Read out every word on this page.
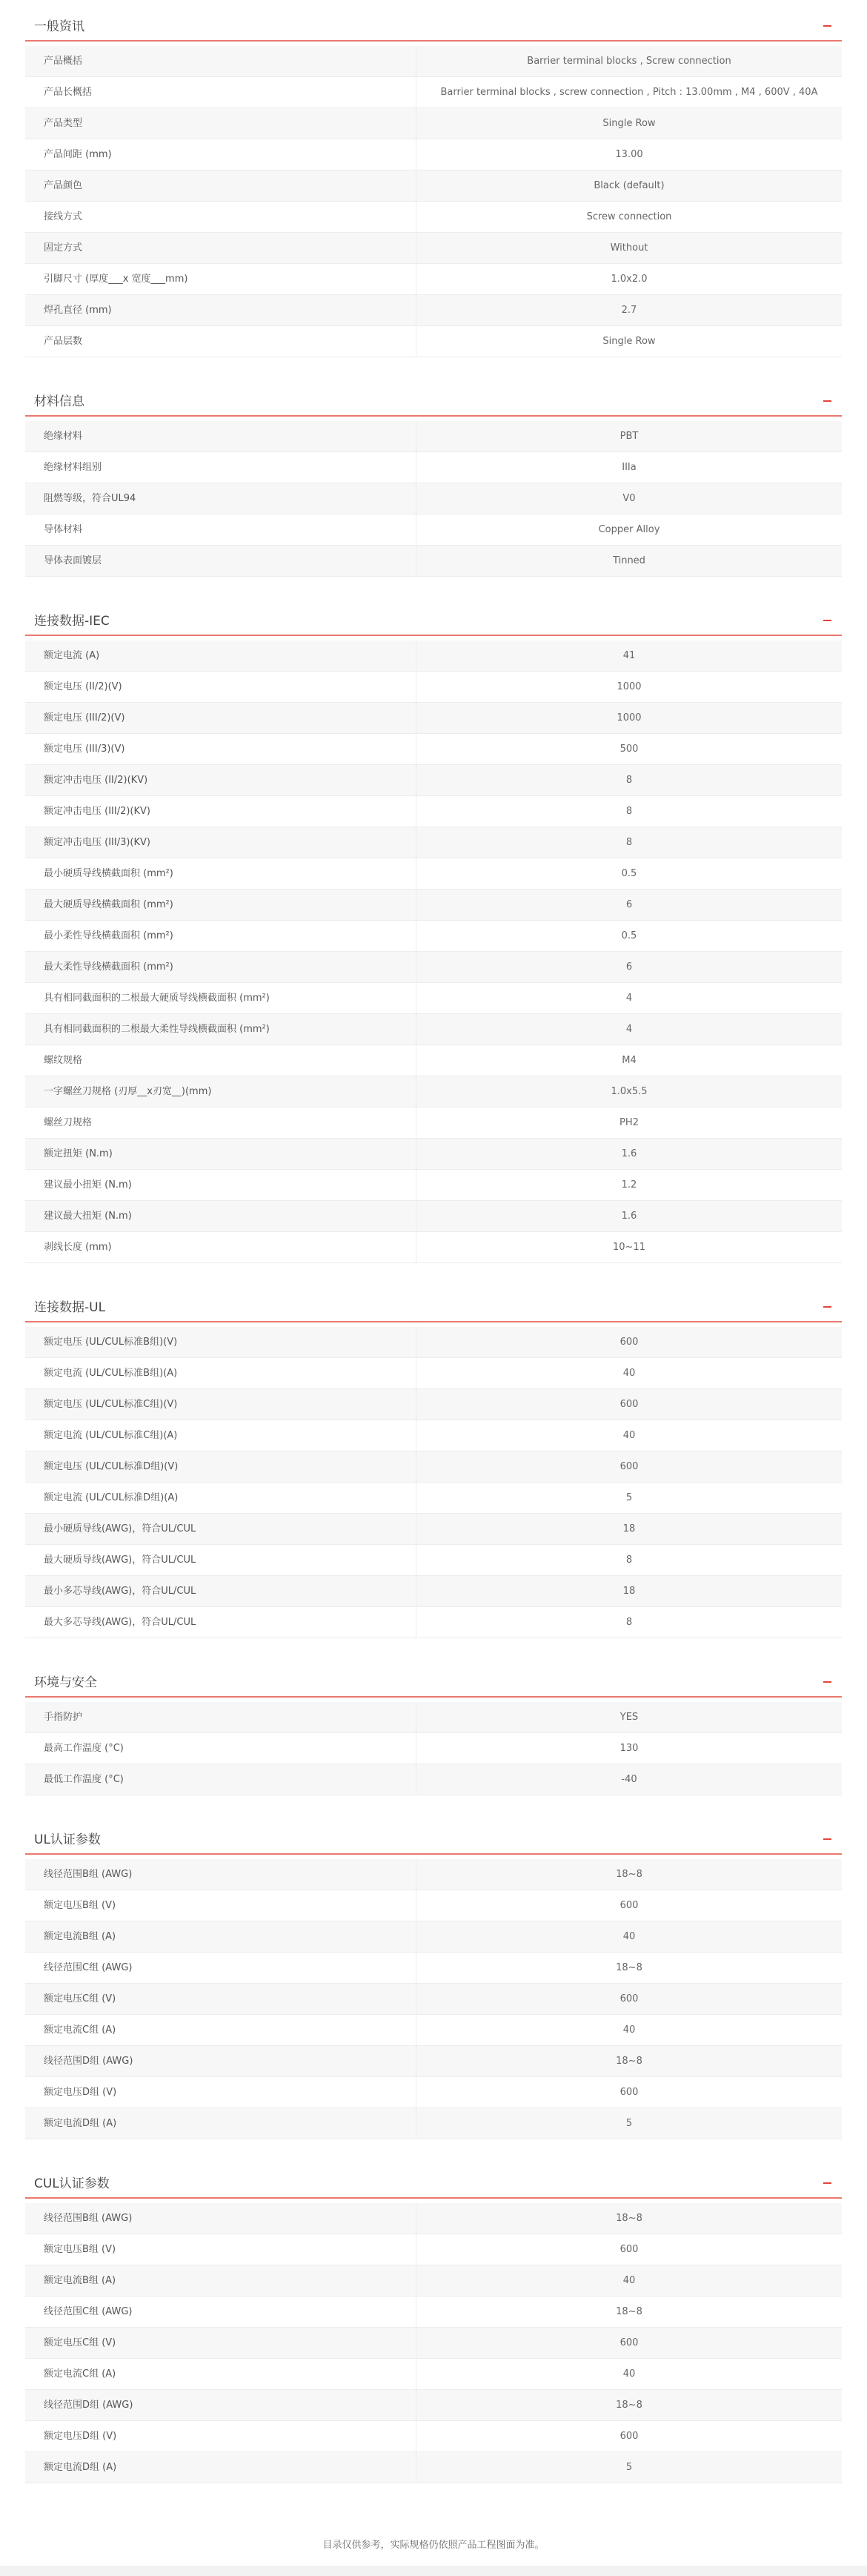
一般资讯
产品概括	Barrier terminal blocks , Screw connection
产品长概括	Barrier terminal blocks , screw connection , Pitch : 13.00mm , M4 , 600V , 40A
产品类型	Single Row
产品间距 (mm)	13.00
产品颜色	Black (default)
接线方式	Screw connection
固定方式	Without
引脚尺寸 (厚度___x 宽度___mm)	1.0x2.0
焊孔直径 (mm)	2.7
产品层数	Single Row
材料信息
绝缘材料	PBT
绝缘材料组别	IIIa
阻燃等级，符合UL94	V0
导体材料	Copper Alloy
导体表面镀层	Tinned
连接数据-IEC
额定电流 (A)	41
额定电压 (II/2)(V)	1000
额定电压 (III/2)(V)	1000
额定电压 (III/3)(V)	500
额定冲击电压 (II/2)(KV)	8
额定冲击电压 (III/2)(KV)	8
额定冲击电压 (III/3)(KV)	8
最小硬质导线横截面积 (mm²)	0.5
最大硬质导线横截面积 (mm²)	6
最小柔性导线横截面积 (mm²)	0.5
最大柔性导线横截面积 (mm²)	6
具有相同截面积的二根最大硬质导线横截面积 (mm²)	4
具有相同截面积的二根最大柔性导线横截面积 (mm²)	4
螺纹规格	M4
一字螺丝刀规格 (刃厚__x刃宽__)(mm)	1.0x5.5
螺丝刀规格	PH2
额定扭矩 (N.m)	1.6
建议最小扭矩 (N.m)	1.2
建议最大扭矩 (N.m)	1.6
剥线长度 (mm)	10~11
连接数据-UL
额定电压 (UL/CUL标准B组)(V)	600
额定电流 (UL/CUL标准B组)(A)	40
额定电压 (UL/CUL标准C组)(V)	600
额定电流 (UL/CUL标准C组)(A)	40
额定电压 (UL/CUL标准D组)(V)	600
额定电流 (UL/CUL标准D组)(A)	5
最小硬质导线(AWG)，符合UL/CUL	18
最大硬质导线(AWG)，符合UL/CUL	8
最小多芯导线(AWG)，符合UL/CUL	18
最大多芯导线(AWG)，符合UL/CUL	8
环境与安全
手指防护	YES
最高工作温度 (°C)	130
最低工作温度 (°C)	-40
UL认证参数
线径范围B组 (AWG)	18~8
额定电压B组 (V)	600
额定电流B组 (A)	40
线径范围C组 (AWG)	18~8
额定电压C组 (V)	600
额定电流C组 (A)	40
线径范围D组 (AWG)	18~8
额定电压D组 (V)	600
额定电流D组 (A)	5
CUL认证参数
线径范围B组 (AWG)	18~8
额定电压B组 (V)	600
额定电流B组 (A)	40
线径范围C组 (AWG)	18~8
额定电压C组 (V)	600
额定电流C组 (A)	40
线径范围D组 (AWG)	18~8
额定电压D组 (V)	600
额定电流D组 (A)	5
目录仅供参考，实际规格仍依照产品工程图面为准。
